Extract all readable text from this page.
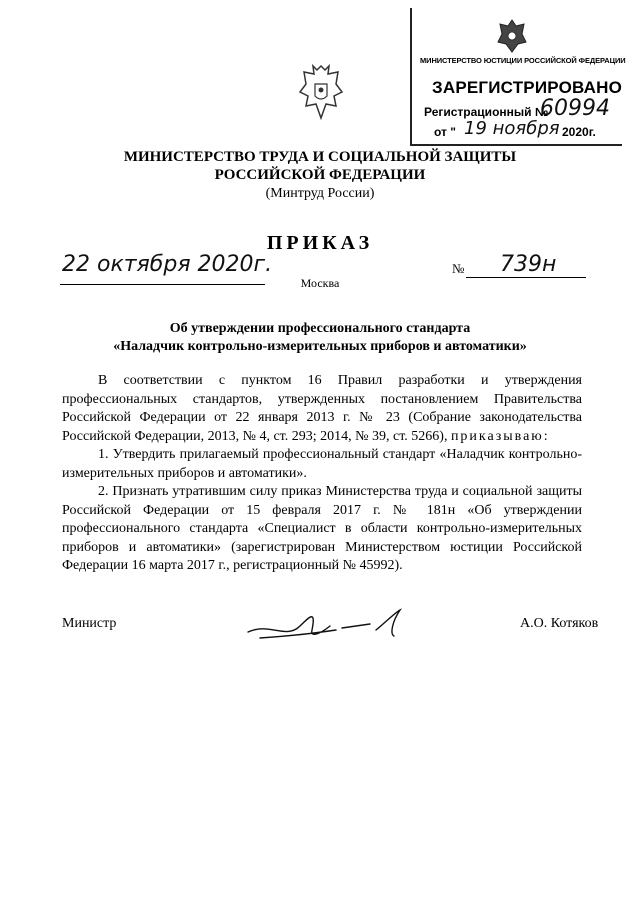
МИНИСТЕРСТВО ЮСТИЦИИ РОССИЙСКОЙ ФЕДЕРАЦИИ
ЗАРЕГИСТРИРОВАНО
Регистрационный №
60994
от " 19 ноября 2020г.
МИНИСТЕРСТВО ТРУДА И СОЦИАЛЬНОЙ ЗАЩИТЫ
РОССИЙСКОЙ ФЕДЕРАЦИИ
(Минтруд России)
ПРИКАЗ
22 октября 2020г.	№ 739н
Москва
Об утверждении профессионального стандарта
«Наладчик контрольно-измерительных приборов и автоматики»

В соответствии с пунктом 16 Правил разработки и утверждения профессиональных стандартов, утвержденных постановлением Правительства Российской Федерации от 22 января 2013 г. № 23 (Собрание законодательства Российской Федерации, 2013, № 4, ст. 293; 2014, № 39, ст. 5266), приказываю:

1. Утвердить прилагаемый профессиональный стандарт «Наладчик контрольно-измерительных приборов и автоматики».

2. Признать утратившим силу приказ Министерства труда и социальной защиты Российской Федерации от 15 февраля 2017 г. № 181н «Об утверждении профессионального стандарта «Специалист в области контрольно-измерительных приборов и автоматики» (зарегистрирован Министерством юстиции Российской Федерации 16 марта 2017 г., регистрационный № 45992).

Министр	А.О. Котяков
